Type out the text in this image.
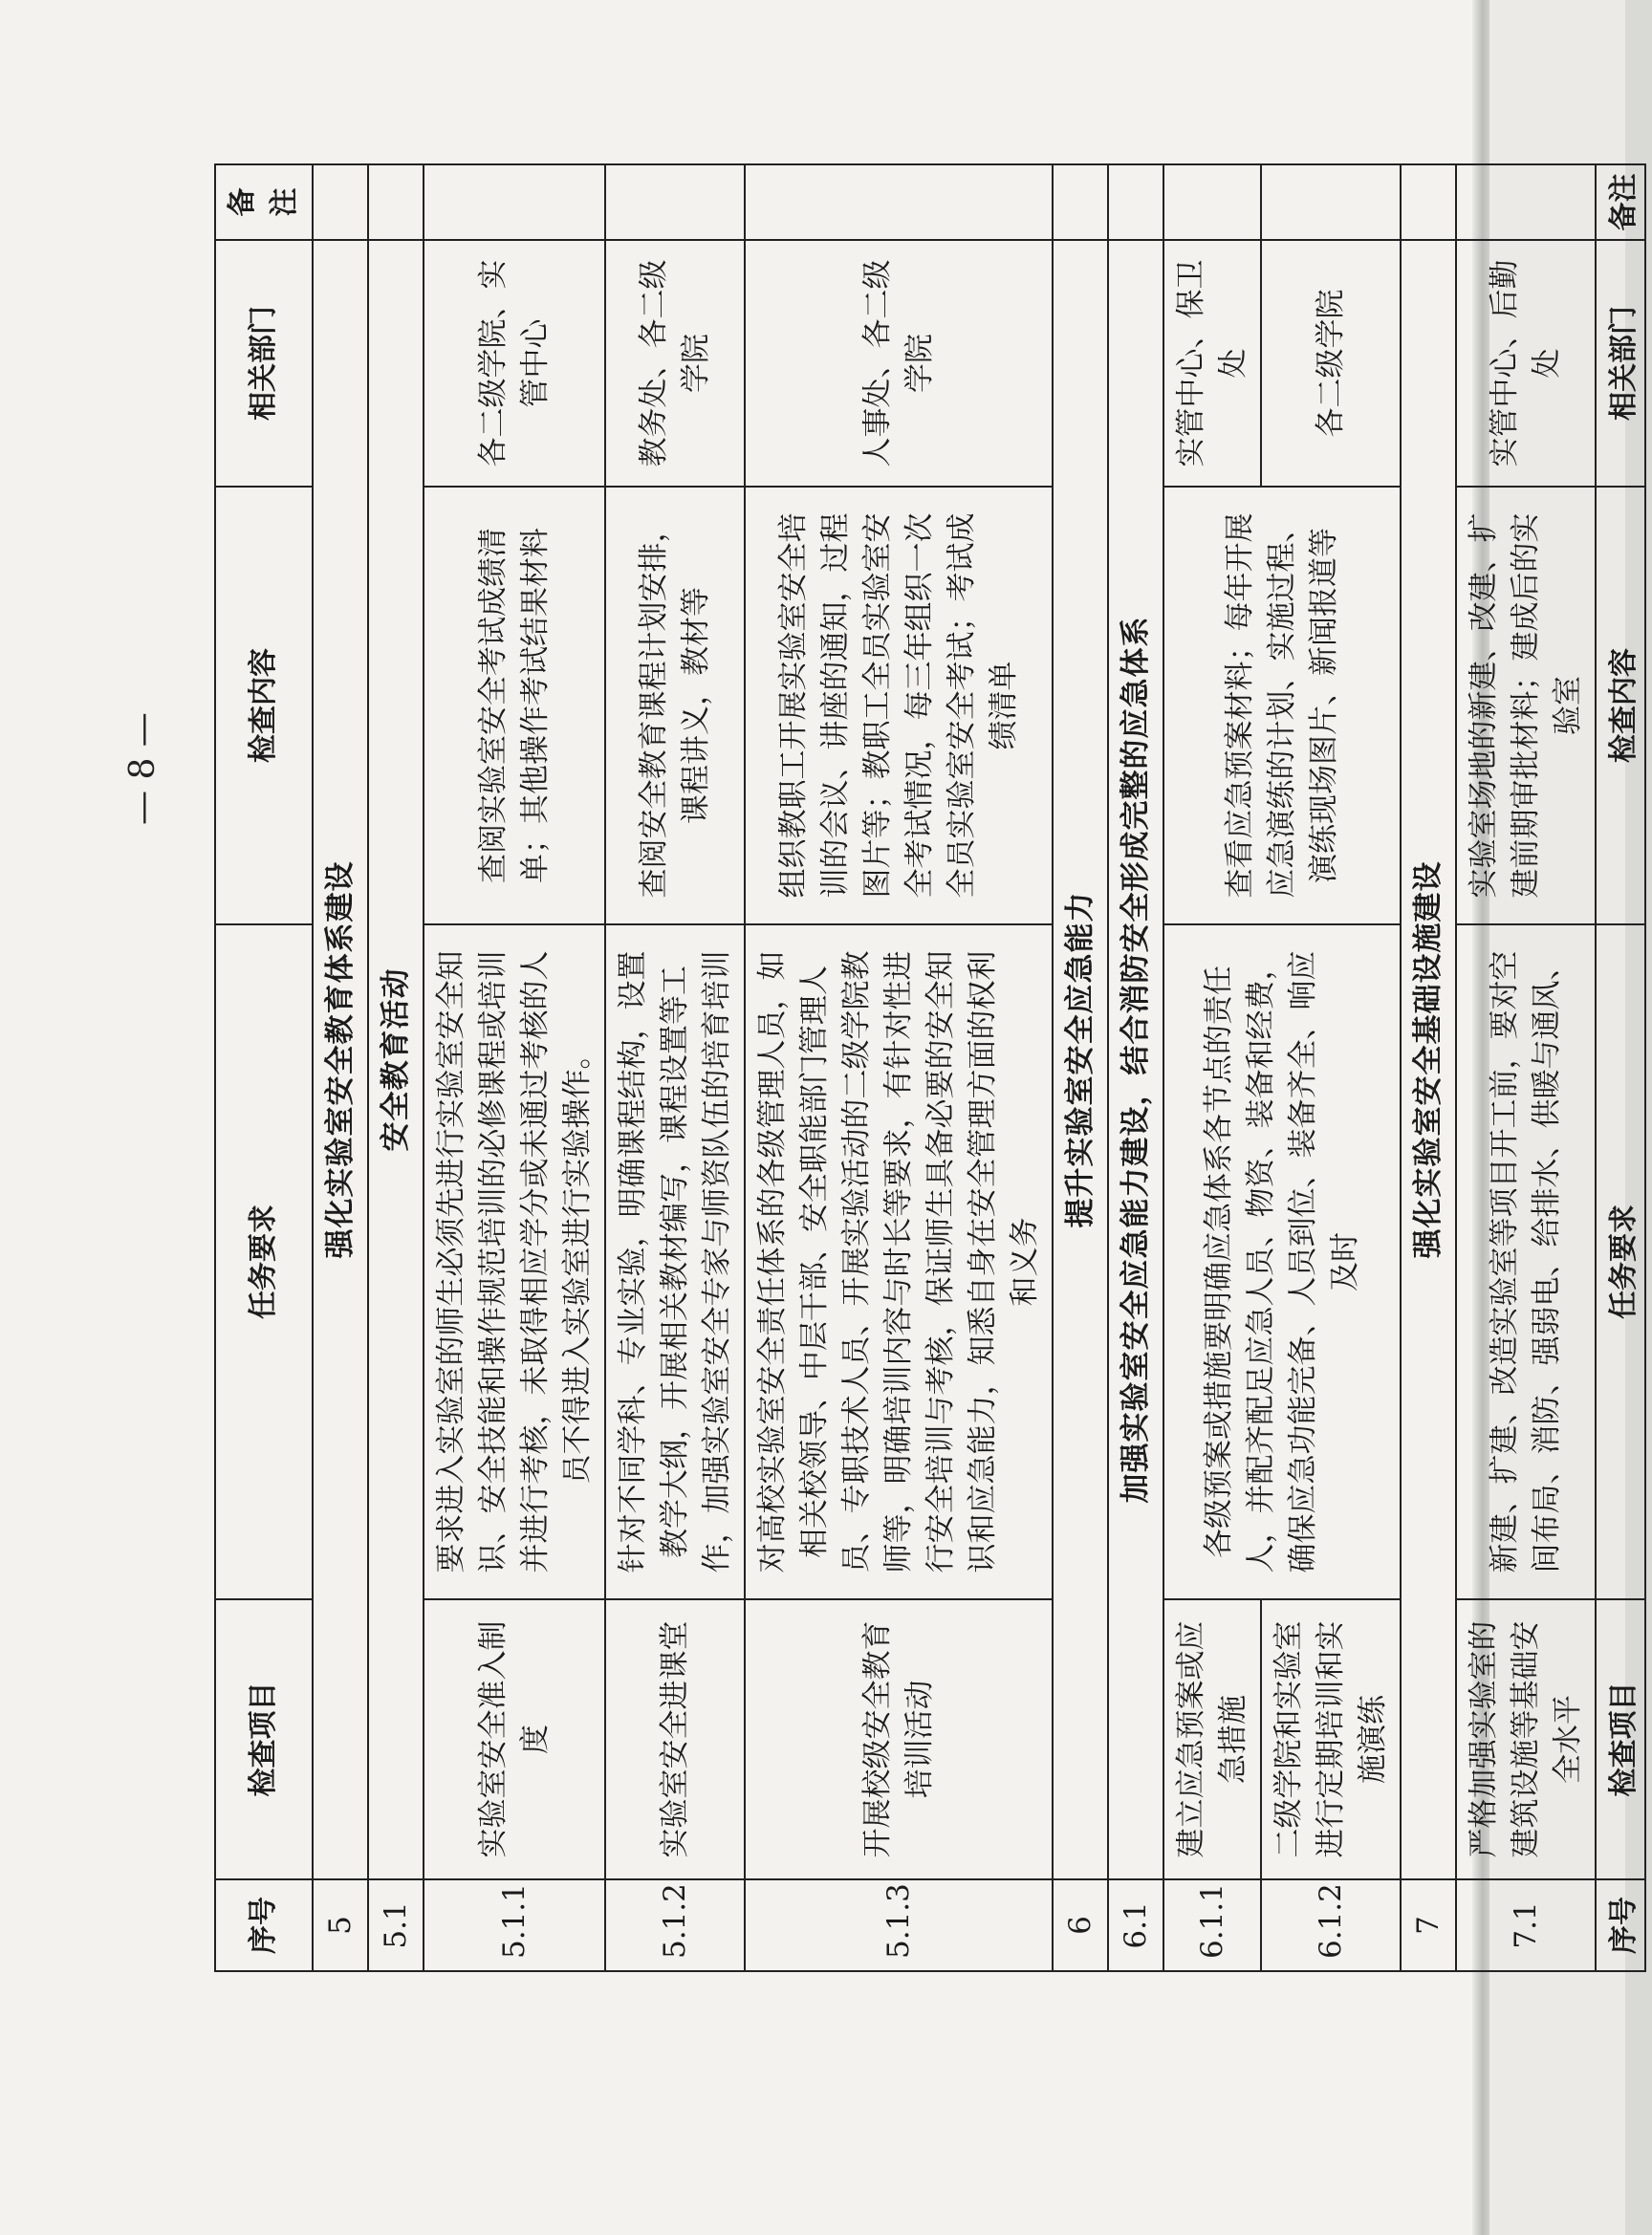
序号	检查项目	任务要求	检查内容	相关部门	备注
5	强化实验室安全教育体系建设				
5.1	安全教育活动				
5.1.1	实验室安全准入制度	要求进入实验室的师生必须先进行实验室安全知识、安全技能和操作规范培训的必修课程或培训并进行考核，未取得相应学分或未通过考核的人员不得进入实验室进行实验操作。	查阅实验室安全考试成绩清单；其他操作考试结果材料	各二级学院、实管中心	
5.1.2	实验室安全进课堂	针对不同学科、专业实验，明确课程结构，设置教学大纲，开展相关教材编写，课程设置等工作，加强实验室安全专家与师资队伍的培育培训	查阅安全教育课程计划安排，课程讲义，教材等	教务处、各二级学院	
5.1.3	开展校级安全教育培训活动	对高校实验室安全责任体系的各级管理人员，如相关校领导、中层干部、安全职能部门管理人员、专职技术人员、开展实验活动的二级学院教师等，明确培训内容与时长等要求，有针对性进行安全培训与考核，保证师生具备必要的安全知识和应急能力，知悉自身在安全管理方面的权利和义务	组织教职工开展实验室安全培训的会议、讲座的通知，过程图片等；教职工全员实验室安全考试情况，每三年组织一次全员实验室安全考试；考试成绩清单	人事处、各二级学院	
6	提升实验室安全应急能力				
6.1	加强实验室安全应急能力建设，结合消防安全形成完整的应急体系				
6.1.1	建立应急预案或应急措施	各级预案或措施要明确应急体系各节点的责任人，并配齐配足应急人员、物资、装备和经费，确保应急功能完备、人员到位、装备齐全、响应及时	查看应急预案材料；每年开展应急演练的计划、实施过程、演练现场图片、新闻报道等	实管中心、保卫处	
6.1.2	二级学院和实验室进行定期培训和实施演练			各二级学院	
7	强化实验室安全基础设施建设				
7.1	严格加强实验室的建筑设施等基础安全水平	新建、扩建、改造实验室等项目开工前，要对空间布局、消防、强弱电、给排水、供暖与通风、	实验室场地的新建、改建、扩建前期审批材料；建成后的实验室	实管中心、后勤处	
— 8 —
序号	检查项目	任务要求	检查内容	相关部门	备注
